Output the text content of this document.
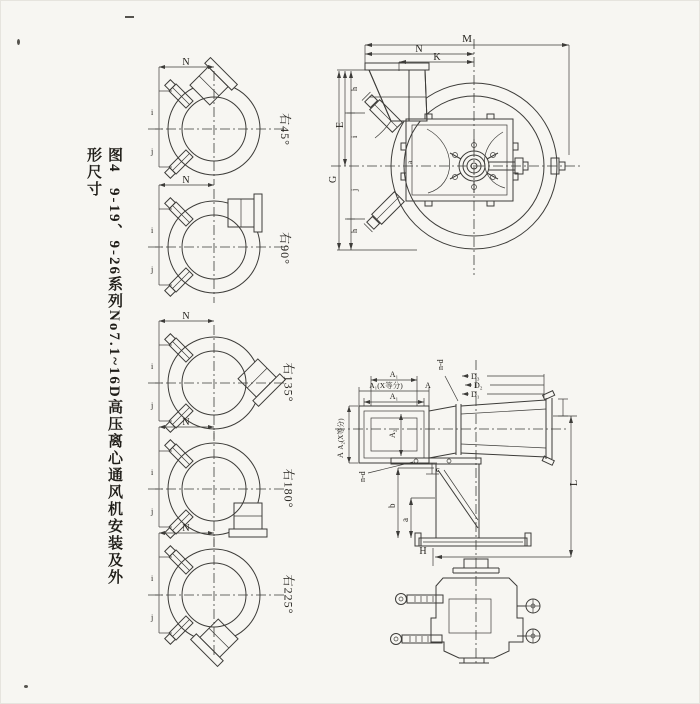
图49-19、9-26系列No7.1~16D高压离心通风机安装及外形尺寸
N
i
j
右45°
N
i
j
右90°
N
i
j
右135°
N
i
j
右180°
N
i
j
右225°
a
M
N
K
G
E
h
i
j
h
A₂
A₁
A₁(X等分)	A
A₁
A₂(X等分)
A
c
D₃
D₂
D₁
n-d
L
b
a
n-d
H
